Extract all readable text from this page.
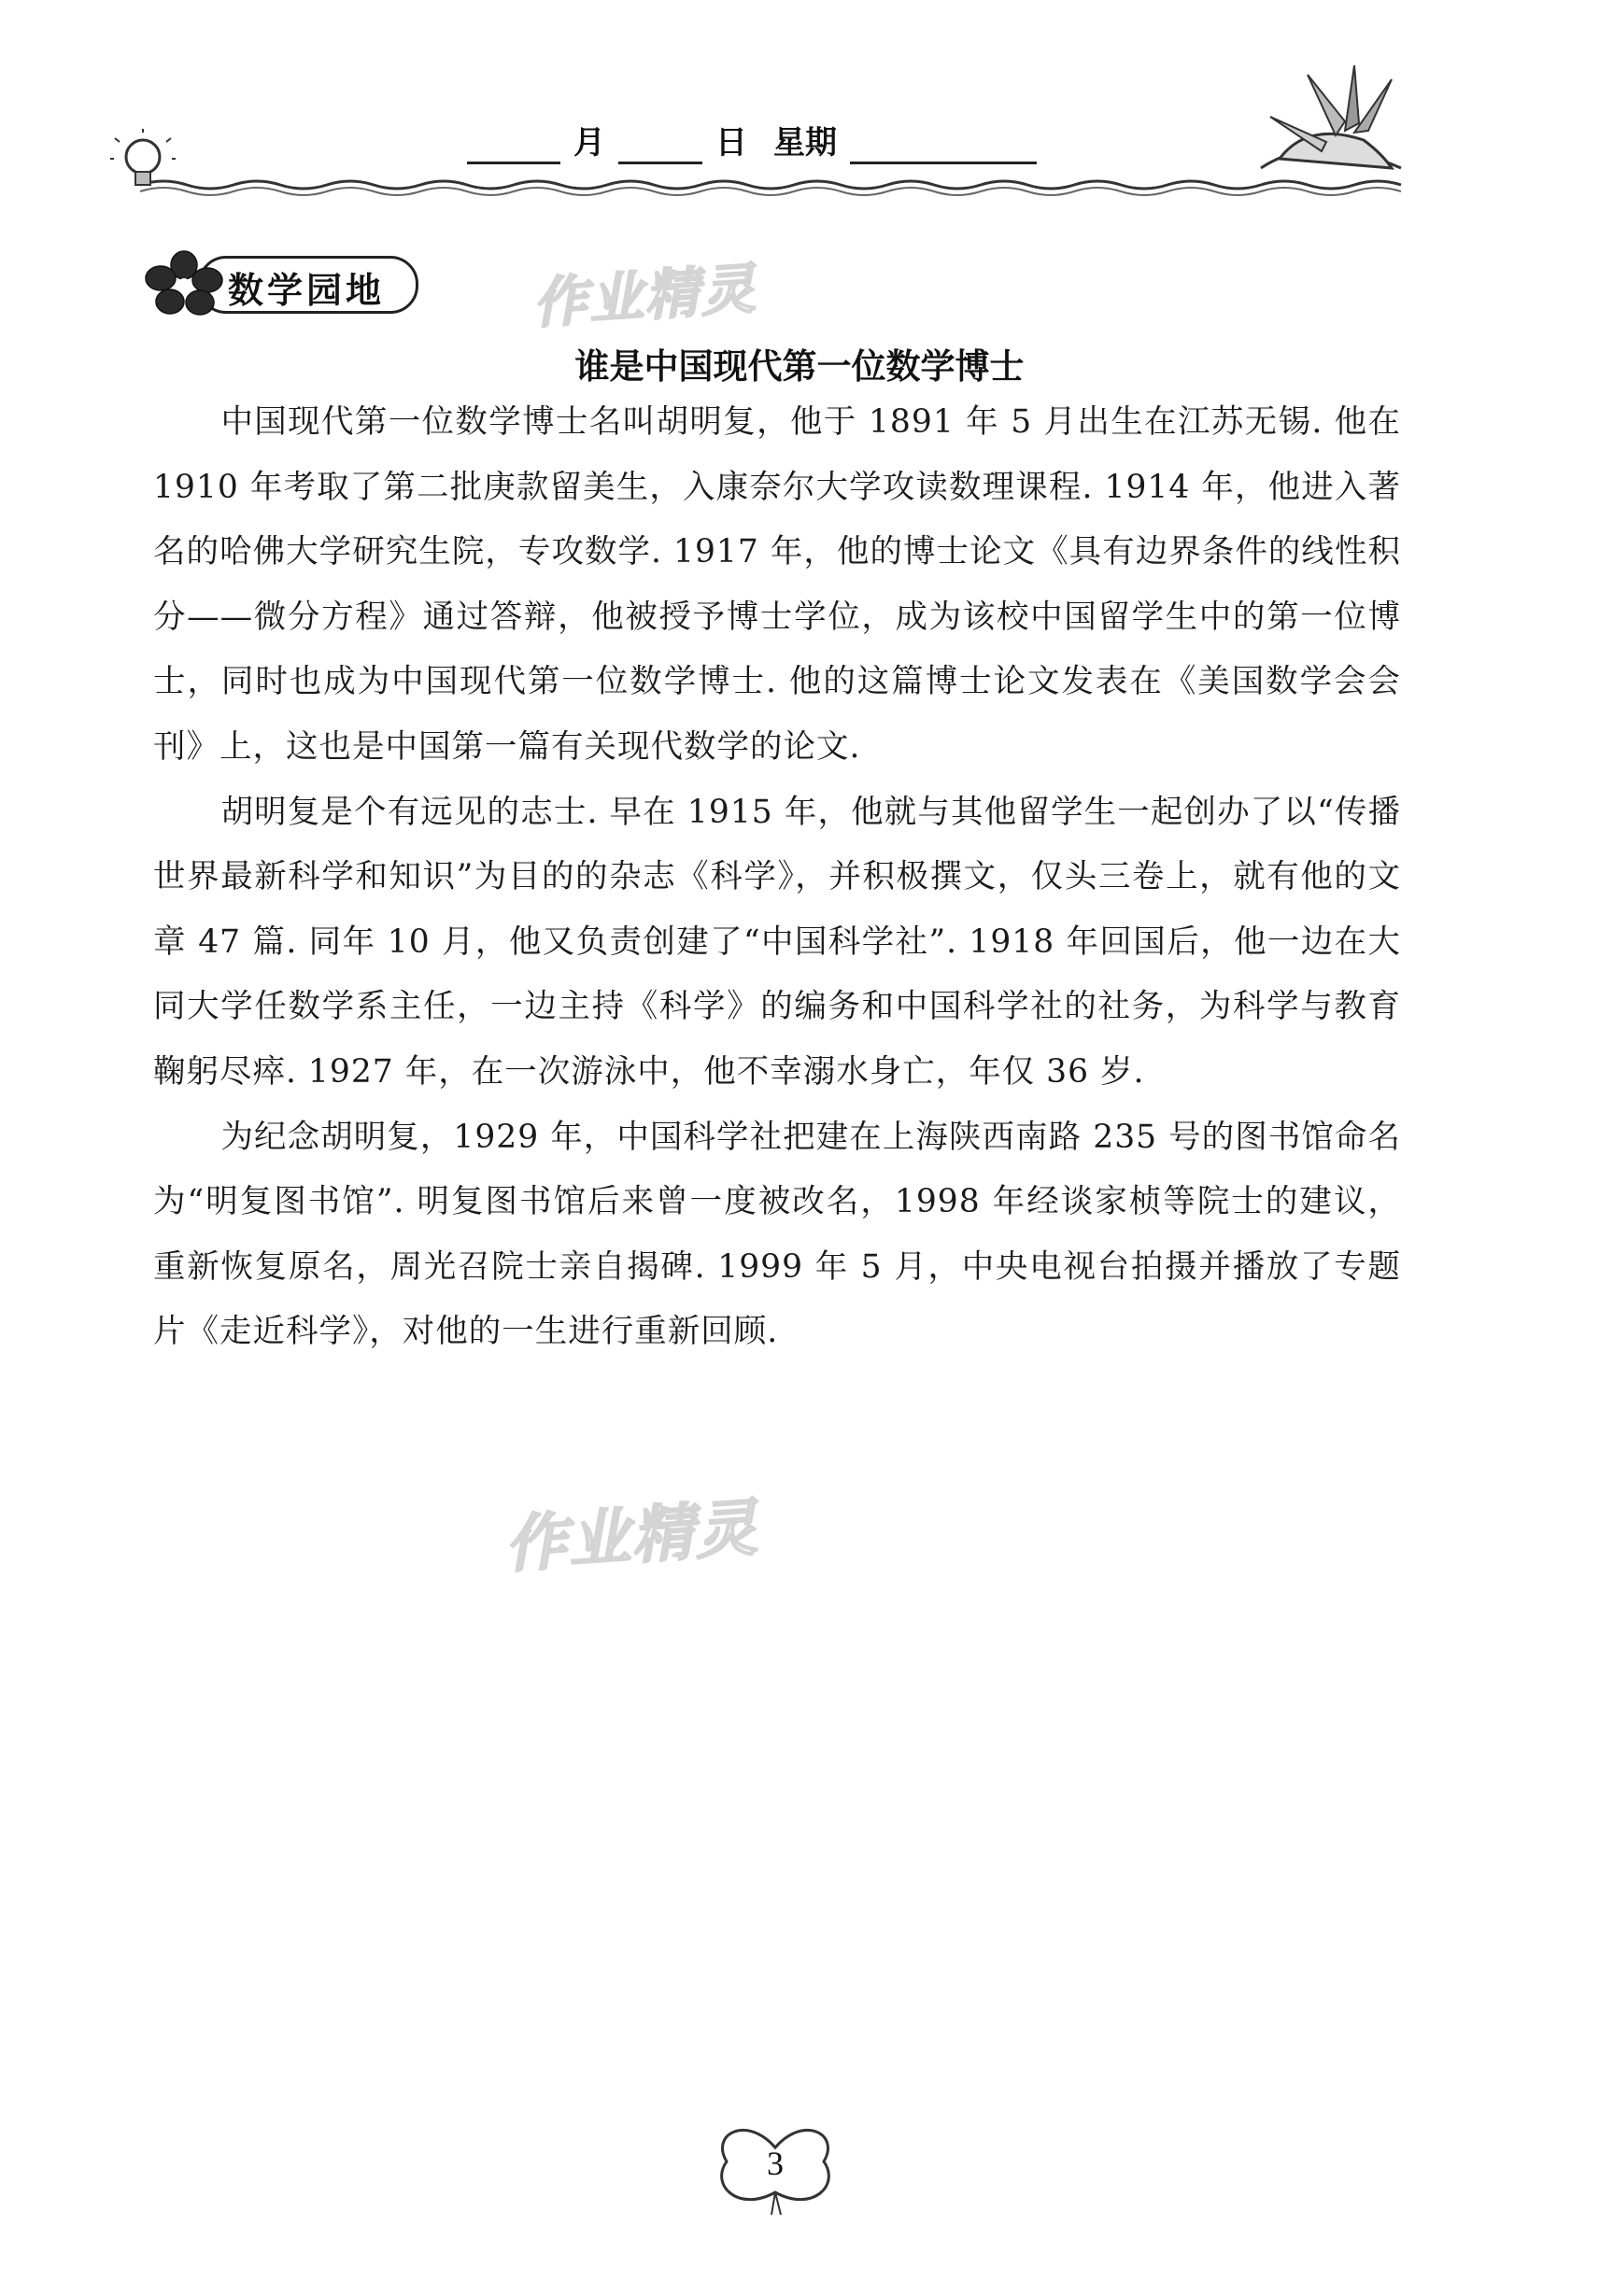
月	日 星期
数学园地	作业精灵
作业精灵
谁是中国现代第一位数学博士

中国现代第一位数学博士名叫胡明复，他于 1891 年 5 月出生在江苏无锡. 他在 1910 年考取了第二批庚款留美生，入康奈尔大学攻读数理课程. 1914 年，他进入著名的哈佛大学研究生院，专攻数学. 1917 年，他的博士论文《具有边界条件的线性积分——微分方程》通过答辩，他被授予博士学位，成为该校中国留学生中的第一位博士，同时也成为中国现代第一位数学博士. 他的这篇博士论文发表在《美国数学会会刊》上，这也是中国第一篇有关现代数学的论文.

胡明复是个有远见的志士. 早在 1915 年，他就与其他留学生一起创办了以“传播世界最新科学和知识”为目的的杂志《科学》，并积极撰文，仅头三卷上，就有他的文章 47 篇. 同年 10 月，他又负责创建了“中国科学社”. 1918 年回国后，他一边在大同大学任数学系主任，一边主持《科学》的编务和中国科学社的社务，为科学与教育鞠躬尽瘁. 1927 年，在一次游泳中，他不幸溺水身亡，年仅 36 岁.

为纪念胡明复，1929 年，中国科学社把建在上海陕西南路 235 号的图书馆命名为“明复图书馆”. 明复图书馆后来曾一度被改名，1998 年经谈家桢等院士的建议，重新恢复原名，周光召院士亲自揭碑. 1999 年 5 月，中央电视台拍摄并播放了专题片《走近科学》，对他的一生进行重新回顾.

3
